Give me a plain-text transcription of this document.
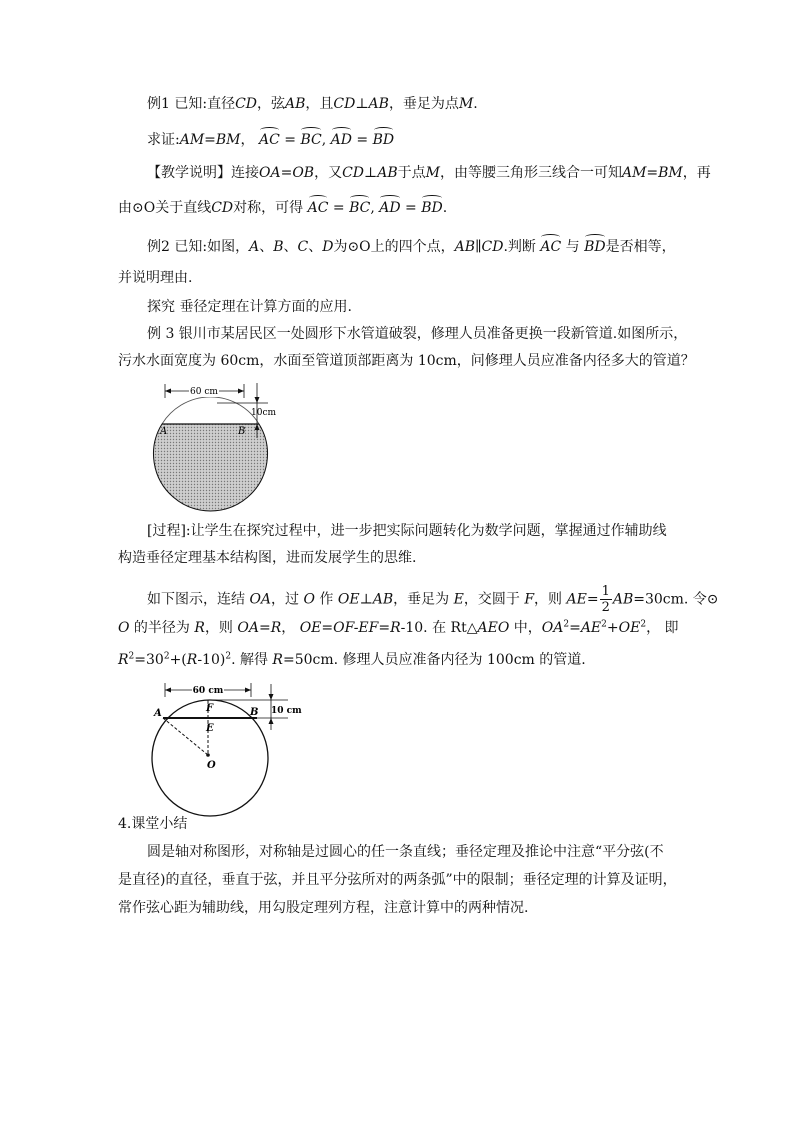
例1 已知:直径CD，弦AB，且CD⊥AB，垂足为点M.
求证:AM=BM， AC = BC, AD = BD
【教学说明】连接OA=OB，又CD⊥AB于点M，由等腰三角形三线合一可知AM=BM，再
由⊙O关于直线CD对称，可得 AC = BC, AD = BD.
例2 已知:如图，A、B、C、D为⊙O上的四个点，AB∥CD.判断 AC 与 BD是否相等，
并说明理由.
探究 垂径定理在计算方面的应用.
例 3 银川市某居民区一处圆形下水管道破裂，修理人员准备更换一段新管道.如图所示，
污水水面宽度为 60cm，水面至管道顶部距离为 10cm，问修理人员应准备内径多大的管道？
60 cm
10cm
A	B
[过程]:让学生在探究过程中，进一步把实际问题转化为数学问题，掌握通过作辅助线
构造垂径定理基本结构图，进而发展学生的思维.
如下图示，连结 OA，过 O 作 OE⊥AB，垂足为 E，交圆于 F，则 $AE= \frac{1}{2} AB=30cm$. 令⊙
O 的半径为 R，则 OA=R， OE=OF-EF=R-10. 在 Rt△AEO 中，$OA^2=AE^2+OE^2$， 即
$R^2=30^2+(R-10)^2$. 解得 R=50cm. 修理人员应准备内径为 100cm 的管道.
60 cm
10 cm
A	B
F
E
O
4.课堂小结
圆是轴对称图形，对称轴是过圆心的任一条直线；垂径定理及推论中注意“平分弦(不
是直径)的直径，垂直于弦，并且平分弦所对的两条弧”中的限制；垂径定理的计算及证明，
常作弦心距为辅助线，用勾股定理列方程，注意计算中的两种情况.
